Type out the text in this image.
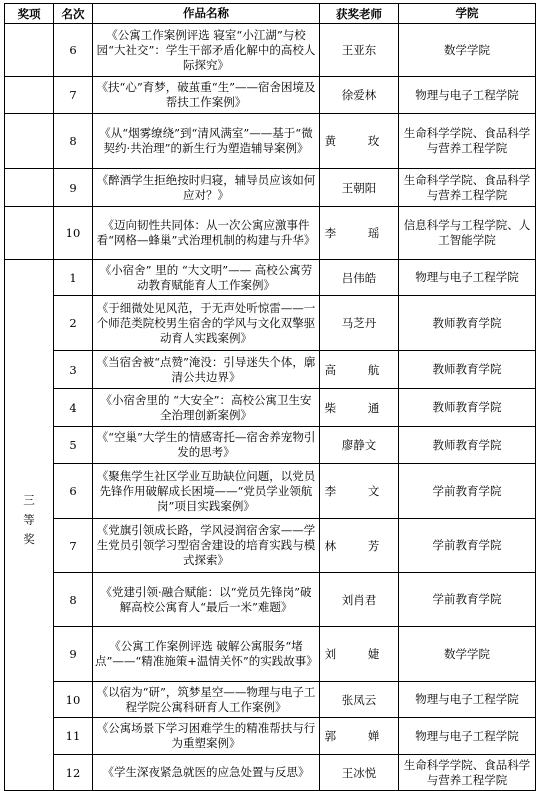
奖项	名次	作品名称	获奖老师	学院
	6	《公寓工作案例评选 寝室“小江湖”与校园“大社交”：学生干部矛盾化解中的高校人际探究》	王亚东	数学学院
	7	《扶“心”育梦，破茧重“生”——宿舍困境及帮扶工作案例》	徐爱林	物理与电子工程学院
	8	《从“烟雾缭绕”到“清风满室”——基于“微契约·共治理”的新生行为塑造辅导案例》	黄 玫	生命科学学院、食品科学与营养工程学院
	9	《醉酒学生拒绝按时归寝，辅导员应该如何应对？》	王朝阳	生命科学学院、食品科学与营养工程学院
	10	《迈向韧性共同体：从一次公寓应激事件看“网格—蜂巢”式治理机制的构建与升华》	李 瑶	信息科学与工程学院、人工智能学院
三等奖	1	《小宿舍” 里的 “大文明”—— 高校公寓劳动教育赋能育人工作案例》	吕伟皓	物理与电子工程学院
	2	《于细微处见风范，于无声处听惊雷——一个师范类院校男生宿舍的学风与文化双擎驱动育人实践案例》	马芝丹	教师教育学院
	3	《当宿舍被“点赞”淹没：引导迷失个体，廓清公共边界》	高 航	教师教育学院
	4	《小宿舍里的 “大安全”：高校公寓卫生安全治理创新案例》	柴 通	教师教育学院
	5	《“空巢”大学生的情感寄托—宿舍养宠物引发的思考》	廖静文	教师教育学院
	6	《聚焦学生社区学业互助缺位问题，以党员先锋作用破解成长困境——“党员学业领航岗”项目实践案例》	李 文	学前教育学院
	7	《党旗引领成长路，学风浸润宿舍家——学生党员引领学习型宿舍建设的培育实践与模式探索》	林 芳	学前教育学院
	8	《党建引领·融合赋能：以“党员先锋岗”破解高校公寓育人“最后一米”难题》	刘肖君	学前教育学院
	9	《公寓工作案例评选 破解公寓服务“堵点”——“精准施策+温情关怀”的实践故事》	刘 婕	数学学院
	10	《以宿为“研”，筑梦星空——物理与电子工程学院公寓科研育人工作案例》	张凤云	物理与电子工程学院
	11	《公寓场景下学习困难学生的精准帮扶与行为重塑案例》	郭 婵	物理与电子工程学院
	12	《学生深夜紧急就医的应急处置与反思》	王冰悦	生命科学学院、食品科学与营养工程学院
